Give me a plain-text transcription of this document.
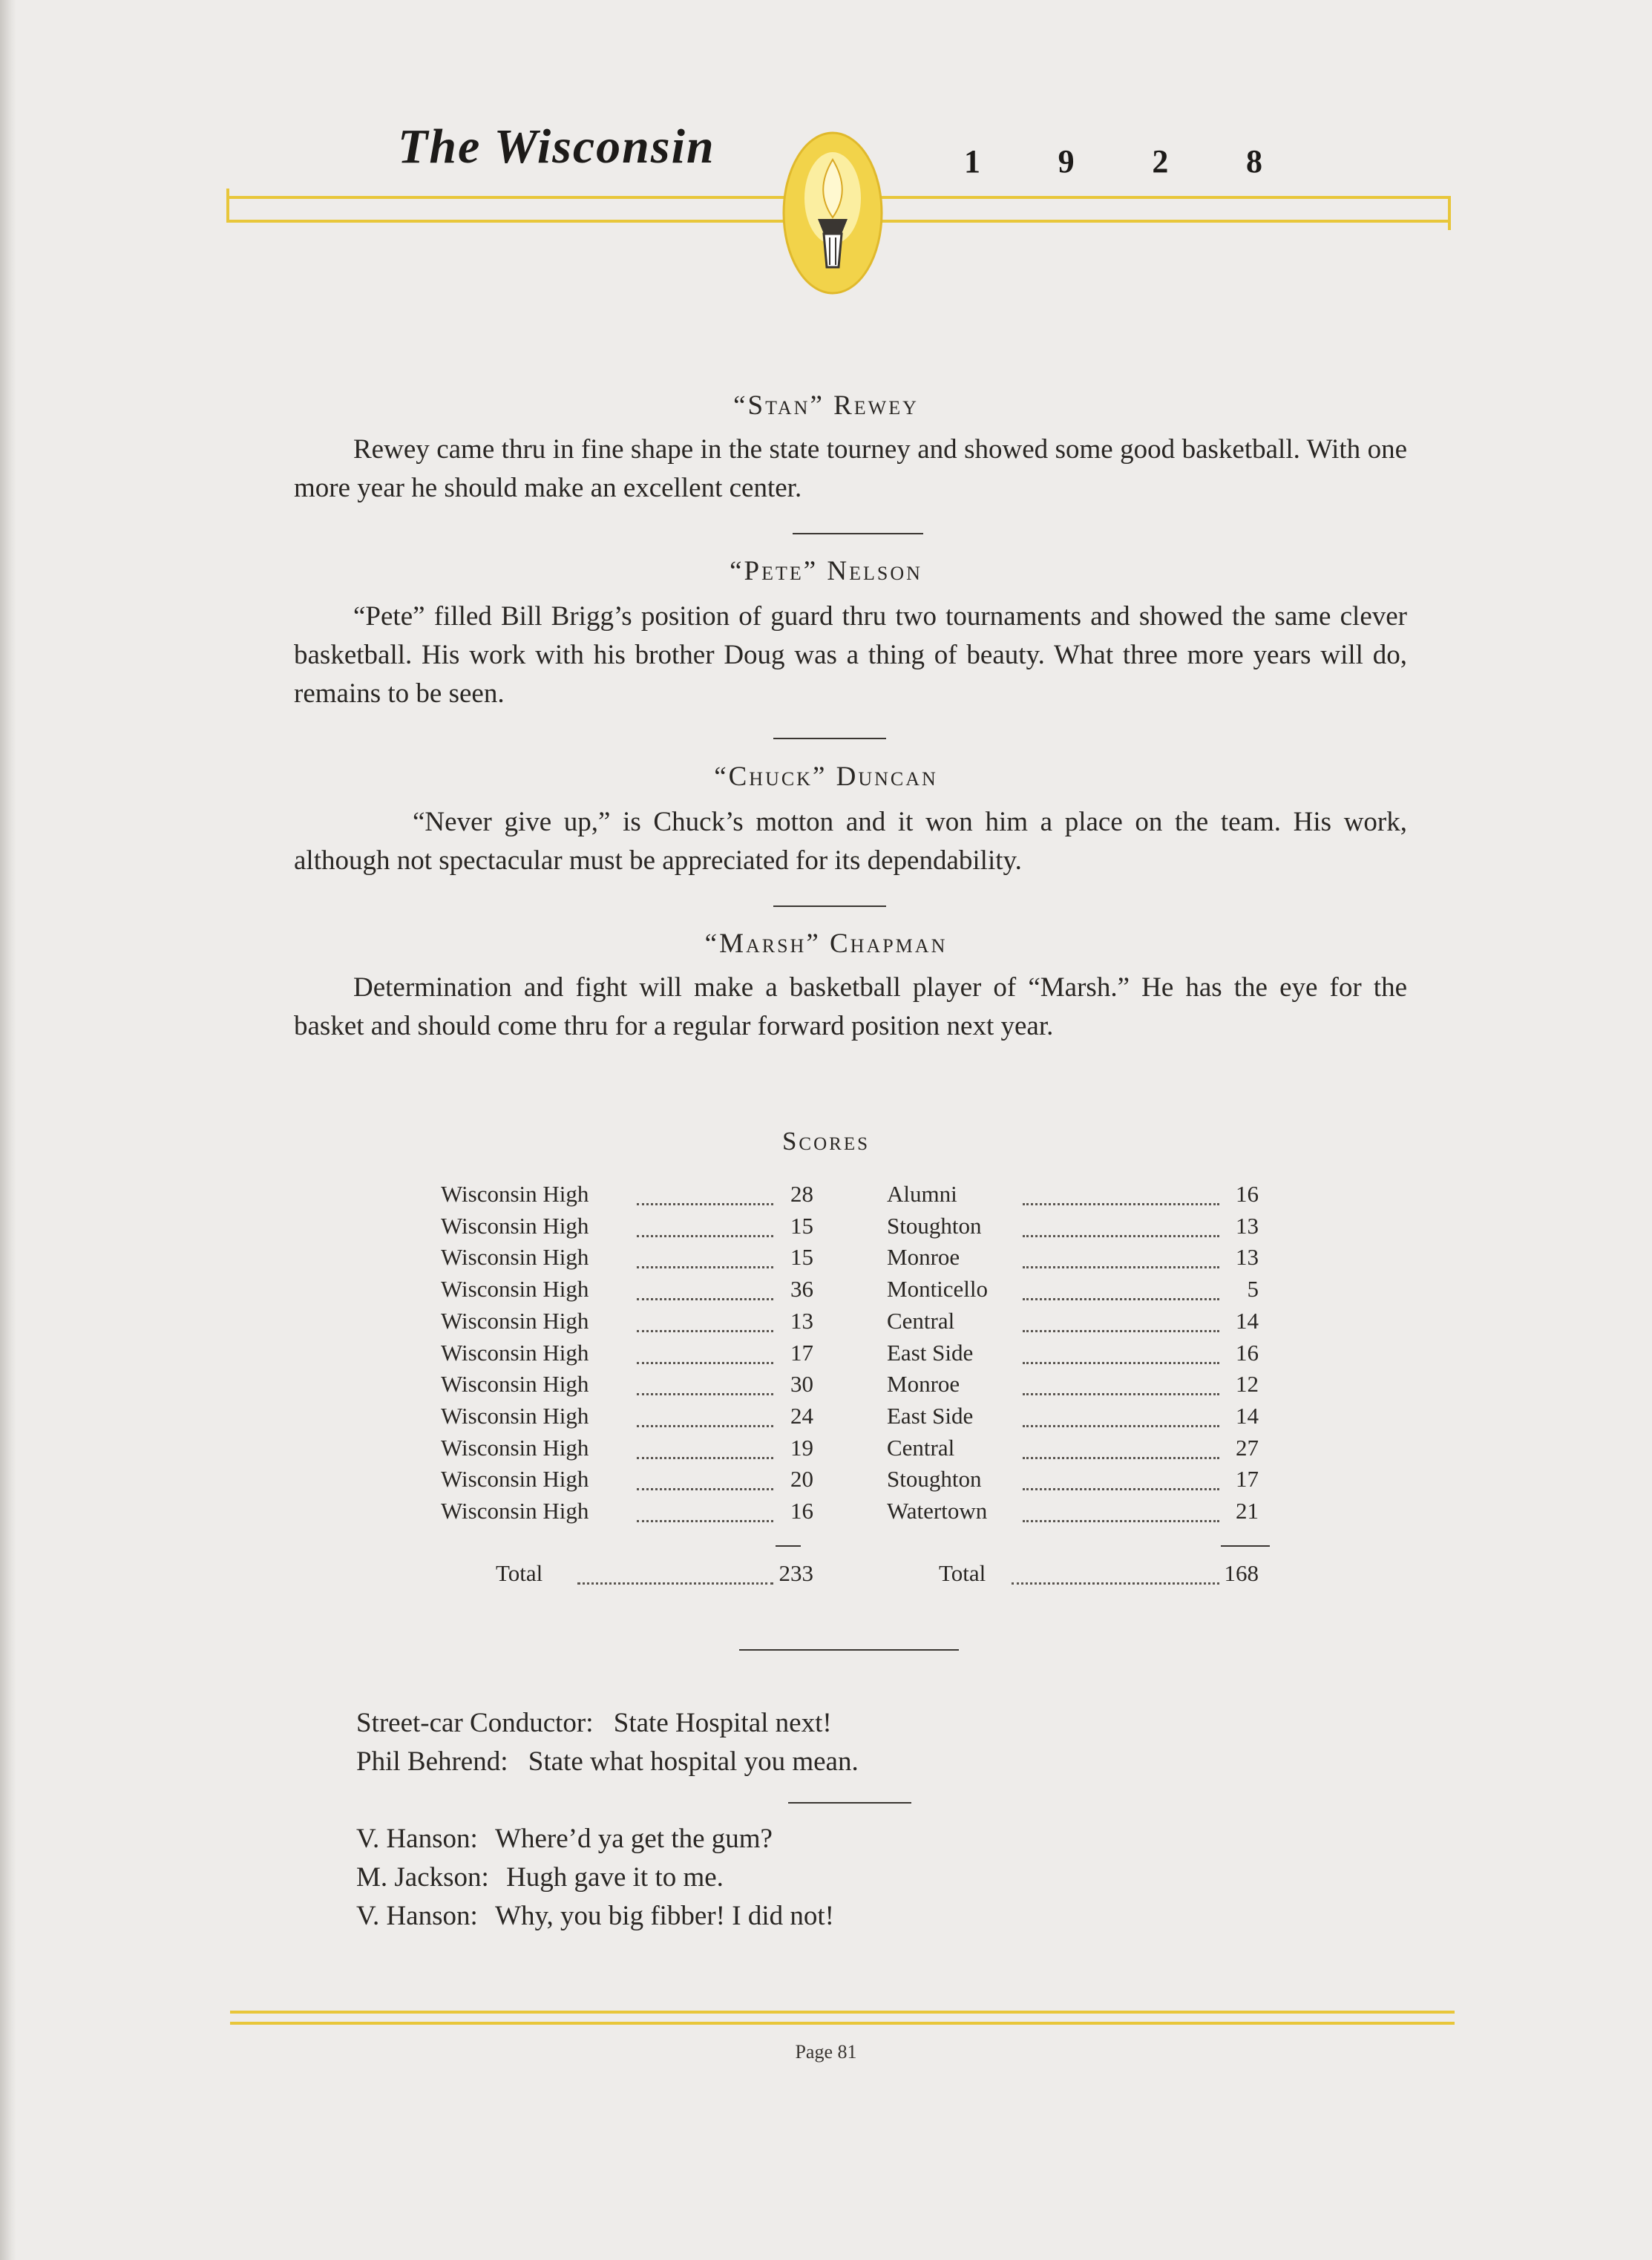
The Wisconsin	1 9 2 8
“Stan” Rewey

Rewey came thru in fine shape in the state tourney and showed some good basketball. With one more year he should make an excellent center.

“Pete” Nelson

“Pete” filled Bill Brigg’s position of guard thru two tournaments and showed the same clever basketball. His work with his brother Doug was a thing of beauty. What three more years will do, remains to be seen.

“Chuck” Duncan

“Never give up,” is Chuck’s motton and it won him a place on the team. His work, although not spectacular must be appreciated for its dependability.

“Marsh” Chapman

Determination and fight will make a basketball player of “Marsh.” He has the eye for the basket and should come thru for a regular forward position next year.

Scores
Wisconsin High	28	Alumni	16
Wisconsin High	15	Stoughton	13
Wisconsin High	15	Monroe	13
Wisconsin High	36	Monticello	5
Wisconsin High	13	Central	14
Wisconsin High	17	East Side	16
Wisconsin High	30	Monroe	12
Wisconsin High	24	East Side	14
Wisconsin High	19	Central	27
Wisconsin High	20	Stoughton	17
Wisconsin High	16	Watertown	21
Total	233	Total	168
Street-car Conductor: State Hospital next!
Phil Behrend: State what hospital you mean.
V. Hanson: Where’d ya get the gum?
M. Jackson: Hugh gave it to me.
V. Hanson: Why, you big fibber! I did not!
Page 81
